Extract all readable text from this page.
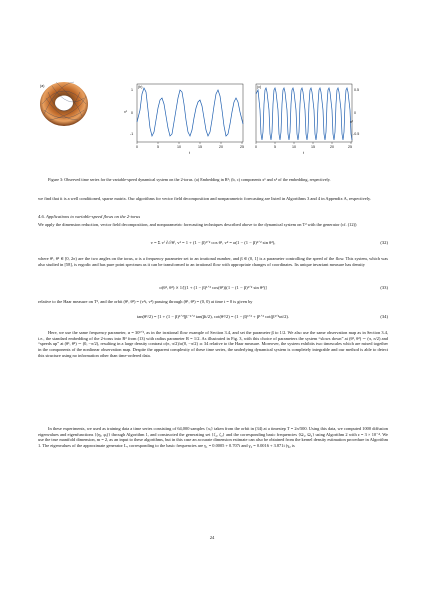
(a)	(b)	(c)
x¹
1
0
-1
0	5	10	15	20	25
t
0.5
0
-0.5
x²
0	5	10	15	20	25
t
Figure 3: Observed time series for the variable-speed dynamical system on the 2-torus. (a) Embedding in R³; (b, c) components x¹ and x² of the embedding, respectively.
we find that it is a well conditioned, sparse matrix. Our algorithms for vector field decomposition and nonparametric forecasting are listed in Algorithms 3 and 4 in Appendix A, respectively.
4.6. Applications to variable-speed flows on the 2-torus
We apply the dimension reduction, vector field decomposition, and nonparametric forecasting techniques described above to the dynamical system on T² with the generator (cf. (12))
v = Σ vⁱ ∂/∂θⁱ, v¹ = 1 + (1 − β)¹ᐟ² cos θ¹, v² = α(1 − (1 − β)¹ᐟ² sin θ²),	(32)
where θ¹, θ² ∈ [0, 2π) are the two angles on the torus, α is a frequency parameter set to an irrational number, and β ∈ (0, 1] is a parameter controlling the speed of the flow. This system, which was also studied in [58], is ergodic and has pure point spectrum as it can be transformed to an irrational flow with appropriate changes of coordinates. Its unique invariant measure has density
σ(θ¹, θ²) ∝ 1/[(1 + (1 − β)¹ᐟ² cos(θ¹))(1 − (1 − β)¹ᐟ² sin θ²)]	(33)
relative to the Haar measure on T², and the orbit (θ¹, θ²) = (v¹t, v²) passing through (θ¹, θ²) = (0, 0) at time t = 0 is given by
tan(θ¹/2) = [1 + (1 − β)¹ᐟ²]β⁻¹ᐟ² tan(βt/2), cot(θ²/2) = (1 − β)¹ᐟ² + β¹ᐟ² cot(β¹ᐟ²αt/2).	(34)
Here, we use the same frequency parameter, α = 30¹ᐟ², as in the irrational flow example of Section 3.4, and set the parameter β to 1/2. We also use the same observation map as in Section 3.4, i.e., the standard embedding of the 2-torus into R³ from (13) with radius parameter R = 1/2. As illustrated in Fig. 3, with this choice of parameters the system “slows down” at (θ¹, θ²) ∼ (π, π/2) and “speeds up” at (θ¹, θ²) ∼ (0, −π/2), resulting in a large density contrast σ(π, π/2)/σ(0, −π/2) ≃ 34 relative to the Haar measure. Moreover, the system exhibits two timescales which are mixed together in the components of the nonlinear observation map. Despite the apparent complexity of these time series, the underlying dynamical system is completely integrable and our method is able to detect this structure using no information other than time-ordered data.
In these experiments, we used as training data a time series consisting of 64,000 samples {xᵢ} taken from the orbit in (34) at a timestep T = 2π/500. Using this data, we computed 1000 diffusion eigenvalues and eigenfunctions {(ηᵢ, φᵢ)} through Algorithm 1, and constructed the generating set {ζ₁, ζ₂} and the corresponding basic frequencies {Ω₁, Ω₂} using Algorithm 2 with ε = 3 × 10⁻⁴. We use the true manifold dimension, m = 2, as an input to these algorithms, but in this case an accurate dimension estimate can also be obtained from the kernel density estimation procedure in Algorithm 1. The eigenvalues of the approximate generator Lᵥ corresponding to the basic frequencies are γ₁ = 0.0005 + 0.707i and γ₂ = 0.0016 + 3.871i (γ₂ is
24
